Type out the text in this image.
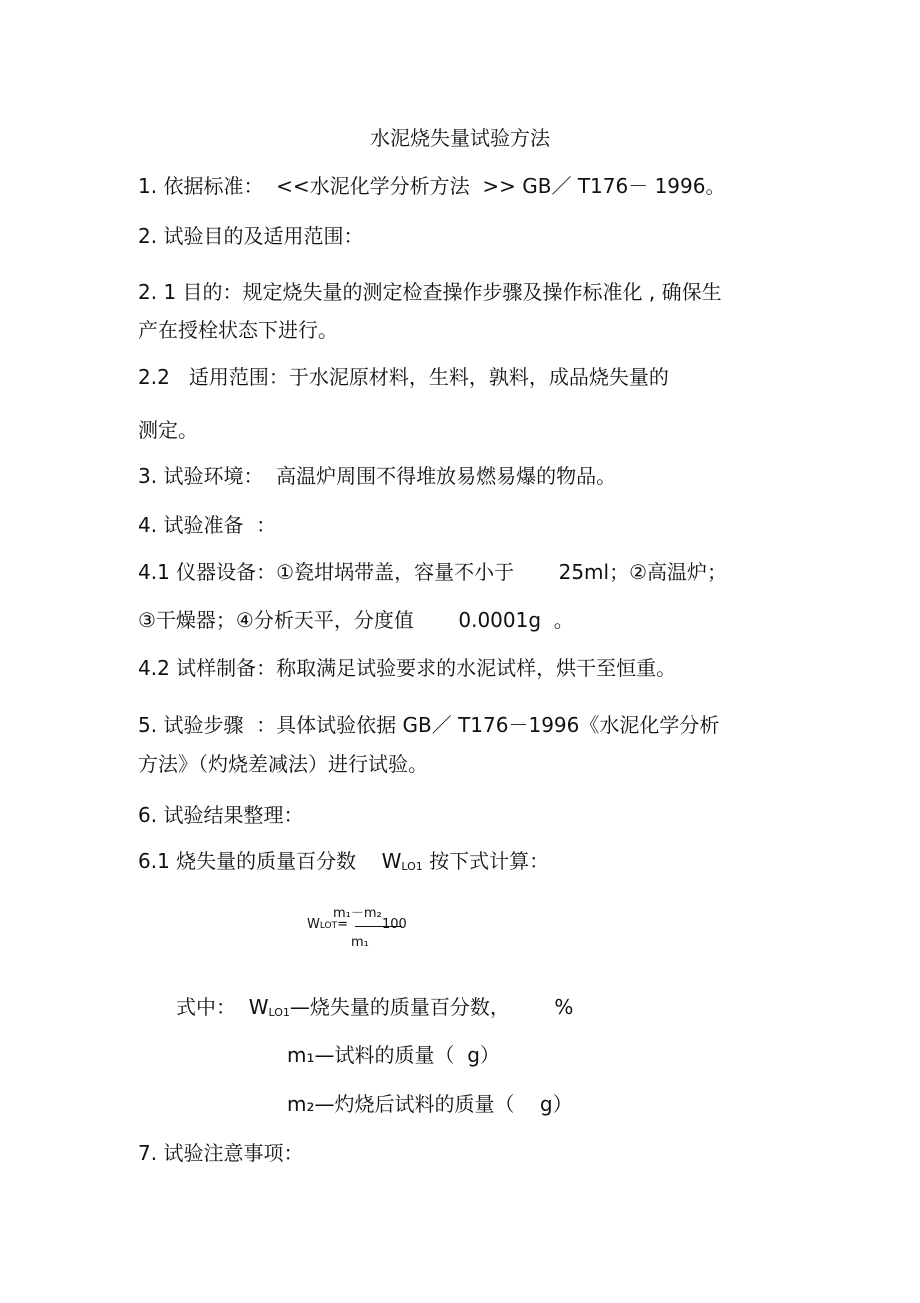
水泥烧失量试验方法
1. 依据标准：  <<水泥化学分析方法  >> GB／ T176－ 1996。
2. 试验目的及适用范围：
2. 1 目的：规定烧失量的测定检查操作步骤及操作标准化 , 确保生
产在授栓状态下进行。
2.2   适用范围：于水泥原材料，生料，孰料，成品烧失量的
测定。
3. 试验环境：  高温炉周围不得堆放易燃易爆的物品。
4. 试验准备  ：
4.1 仪器设备：①瓷坩埚带盖，容量不小于       25ml；②高温炉；
③干燥器；④分析天平，分度值       0.0001g  。
4.2 试样制备：称取满足试验要求的水泥试样，烘干至恒重。
5. 试验步骤  ：具体试验依据 GB／ T176－1996《水泥化学分析
方法》（灼烧差减法）进行试验。
6. 试验结果整理：
6.1 烧失量的质量百分数    WLO1 按下式计算：
m₁－m₂
WLOT=	100
m₁
式中：  WLO1—烧失量的质量百分数，       %
m₁—试料的质量（  g）
m₂—灼烧后试料的质量（    g）
7. 试验注意事项：
